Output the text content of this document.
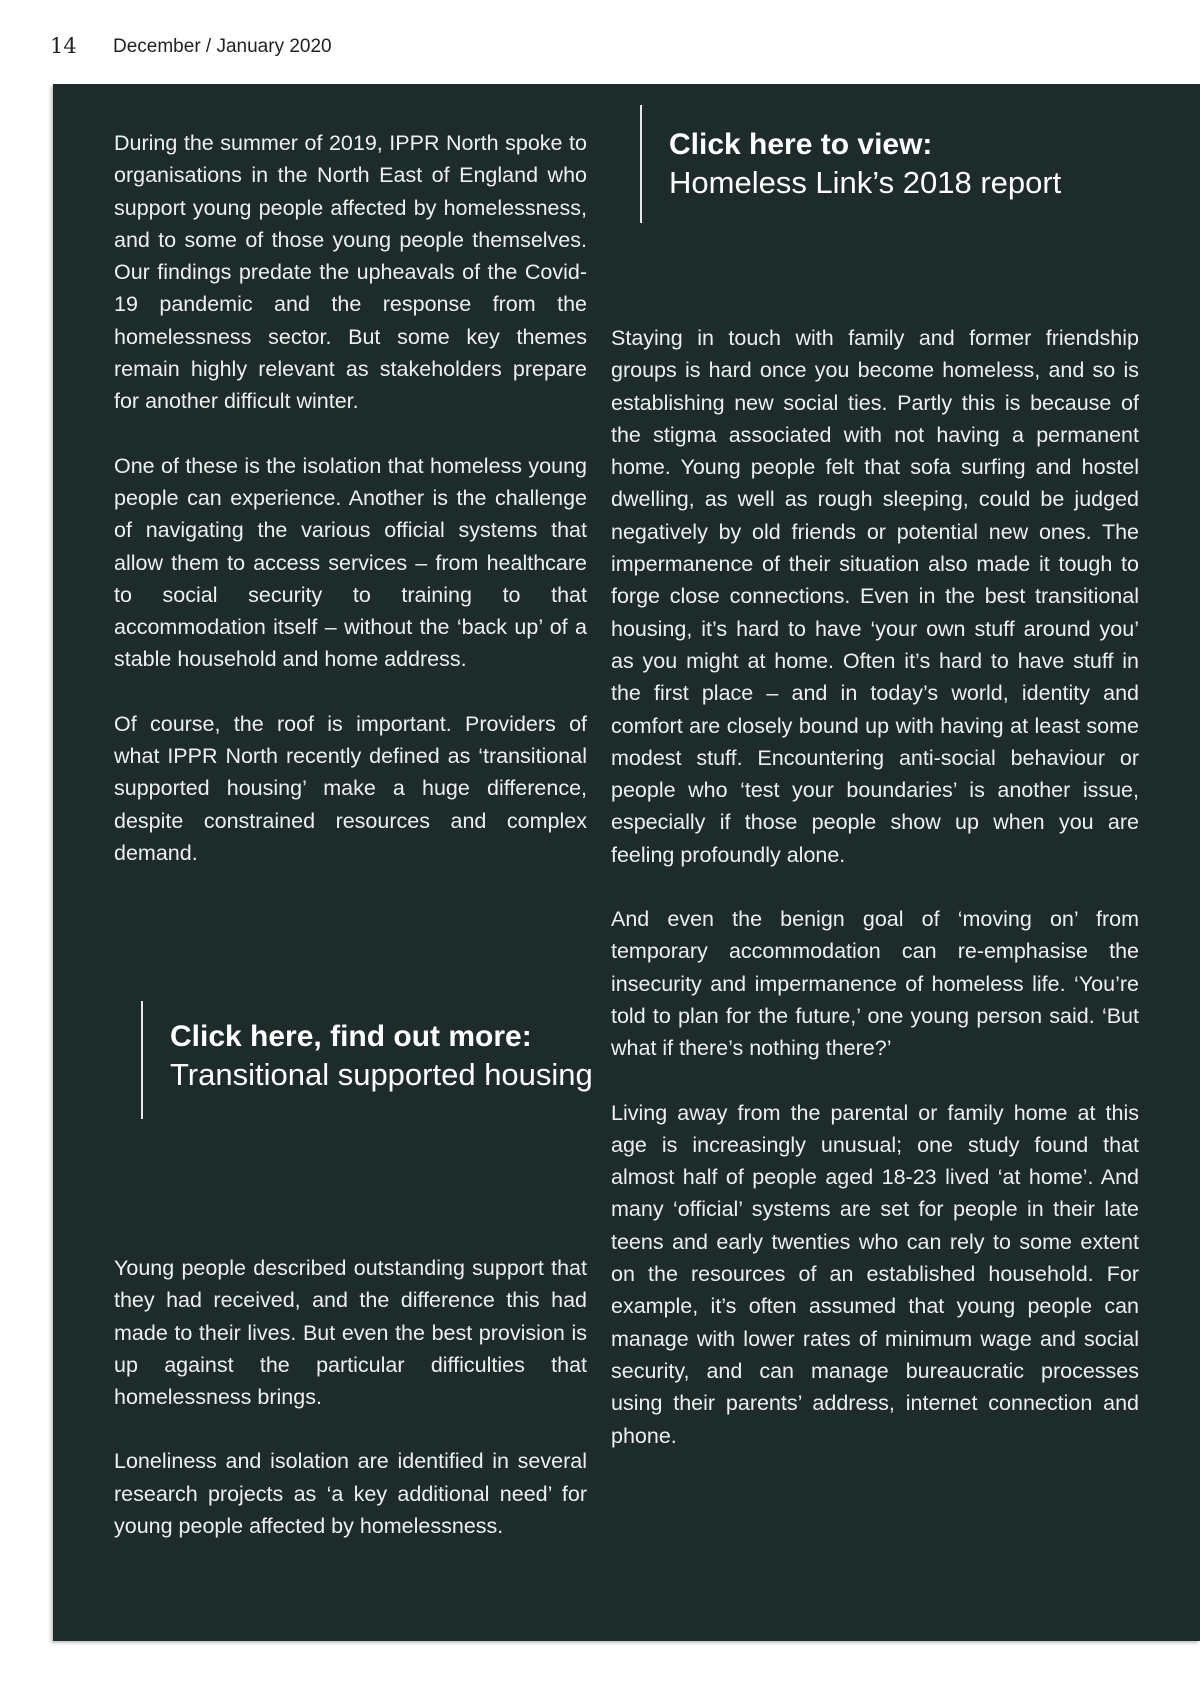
14 December / January 2020

During the summer of 2019, IPPR North spoke to organisations in the North East of England who support young people affected by homelessness, and to some of those young people themselves. Our findings predate the upheavals of the Covid-19 pandemic and the response from the homelessness sector. But some key themes remain highly relevant as stakeholders prepare for another difficult winter.

One of these is the isolation that homeless young people can experience. Another is the challenge of navigating the various official systems that allow them to access services – from healthcare to social security to training to that accommodation itself – without the ‘back up’ of a stable household and home address.

Of course, the roof is important. Providers of what IPPR North recently defined as ‘transitional supported housing’ make a huge difference, despite constrained resources and complex demand.

Click here, find out more:
Transitional supported housing

Young people described outstanding support that they had received, and the difference this had made to their lives. But even the best provision is up against the particular difficulties that homelessness brings.

Loneliness and isolation are identified in several research projects as ‘a key additional need’ for young people affected by homelessness.

Click here to view:
Homeless Link’s 2018 report

Staying in touch with family and former friendship groups is hard once you become homeless, and so is establishing new social ties. Partly this is because of the stigma associated with not having a permanent home. Young people felt that sofa surfing and hostel dwelling, as well as rough sleeping, could be judged negatively by old friends or potential new ones. The impermanence of their situation also made it tough to forge close connections. Even in the best transitional housing, it’s hard to have ‘your own stuff around you’ as you might at home. Often it’s hard to have stuff in the first place – and in today’s world, identity and comfort are closely bound up with having at least some modest stuff. Encountering anti-social behaviour or people who ‘test your boundaries’ is another issue, especially if those people show up when you are feeling profoundly alone.

And even the benign goal of ‘moving on’ from temporary accommodation can re-emphasise the insecurity and impermanence of homeless life. ‘You’re told to plan for the future,’ one young person said. ‘But what if there’s nothing there?’

Living away from the parental or family home at this age is increasingly unusual; one study found that almost half of people aged 18-23 lived ‘at home’. And many ‘official’ systems are set for people in their late teens and early twenties who can rely to some extent on the resources of an established household. For example, it’s often assumed that young people can manage with lower rates of minimum wage and social security, and can manage bureaucratic processes using their parents’ address, internet connection and phone.
